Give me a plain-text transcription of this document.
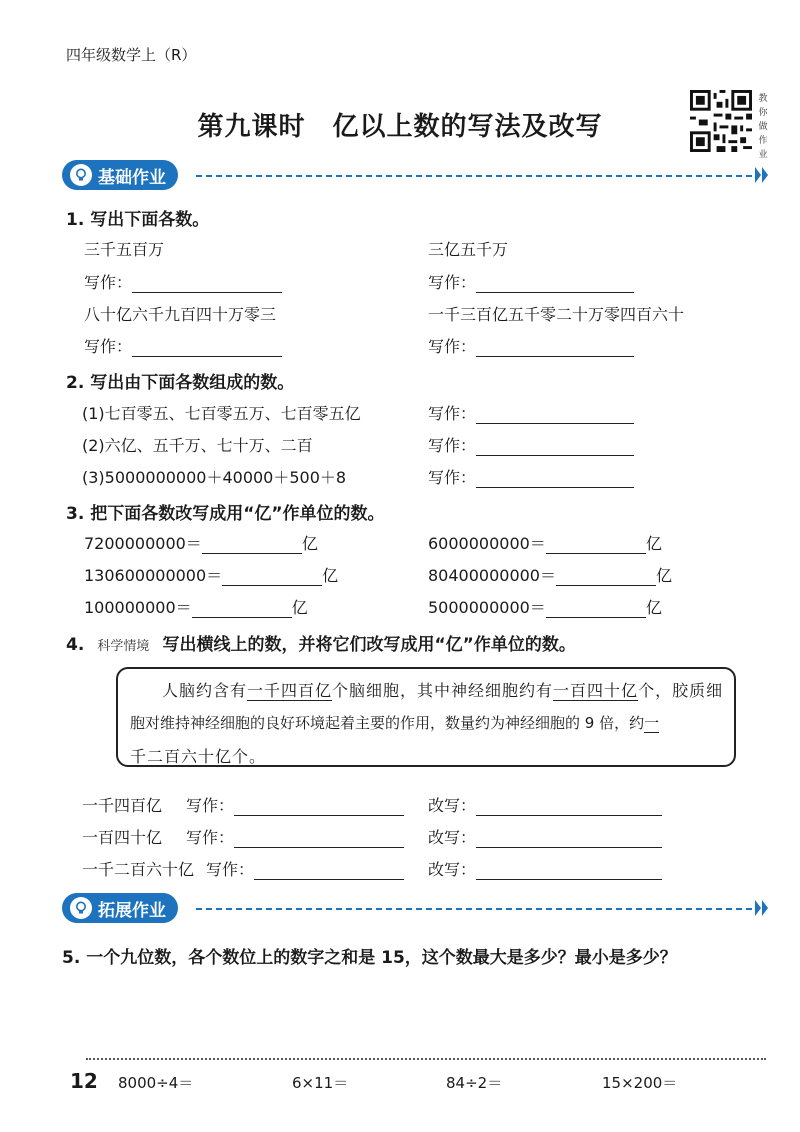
四年级数学上（R）
第九课时　亿以上数的写法及改写
教你做作业
基础作业
1. 写出下面各数。
三千五百万	三亿五千万
写作：	写作：
八十亿六千九百四十万零三	一千三百亿五千零二十万零四百六十
写作：	写作：
2. 写出由下面各数组成的数。
(1)七百零五、七百零五万、七百零五亿	写作：
(2)六亿、五千万、七十万、二百	写作：
(3)5000000000＋40000＋500＋8	写作：
3. 把下面各数改写成用“亿”作单位的数。
7200000000＝	亿	6000000000＝	亿
130600000000＝	亿	80400000000＝	亿
100000000＝	亿	5000000000＝	亿
4. 科学情境 写出横线上的数，并将它们改写成用“亿”作单位的数。
人脑约含有一千四百亿个脑细胞，其中神经细胞约有一百四十亿个，胶质细
胞对维持神经细胞的良好环境起着主要的作用，数量约为神经细胞的 9 倍，约一
千二百六十亿个。
一千四百亿 写作：	改写：
一百四十亿 写作：	改写：
一千二百六十亿 写作：	改写：
拓展作业
5. 一个九位数，各个数位上的数字之和是 15，这个数最大是多少？最小是多少？
12 8000÷4＝	6×11＝	84÷2＝	15×200＝
